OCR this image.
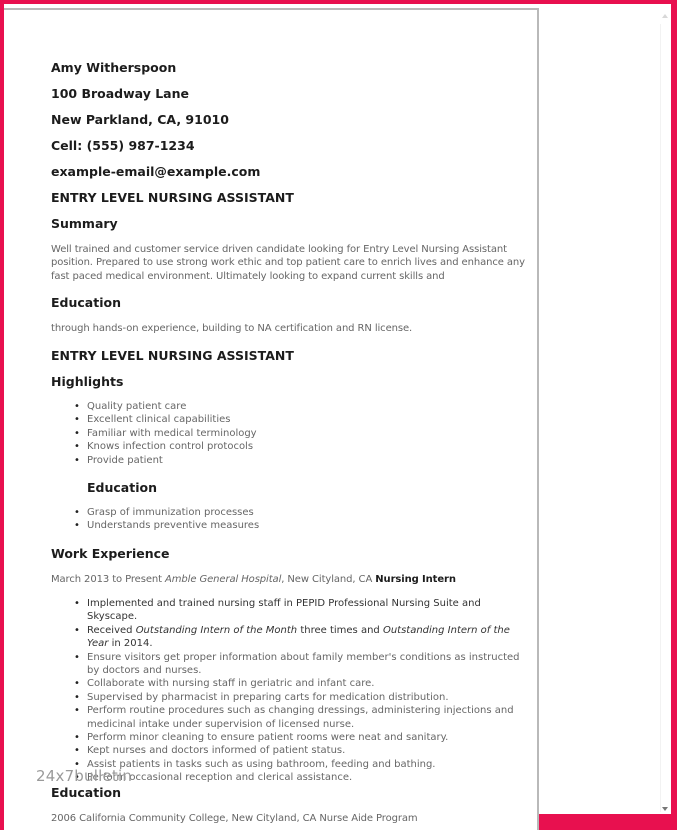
Amy Witherspoon
100 Broadway Lane
New Parkland, CA, 91010
Cell: (555) 987-1234
example-email@example.com
ENTRY LEVEL NURSING ASSISTANT
Summary
Well trained and customer service driven candidate looking for Entry Level Nursing Assistant position. Prepared to use strong work ethic and top patient care to enrich lives and enhance any fast paced medical environment. Ultimately looking to expand current skills and
Education
through hands-on experience, building to NA certification and RN license.
ENTRY LEVEL NURSING ASSISTANT
Highlights
• Quality patient care
• Excellent clinical capabilities
• Familiar with medical terminology
• Knows infection control protocols
• Provide patient
Education
• Grasp of immunization processes
• Understands preventive measures
Work Experience
March 2013 to Present Amble General Hospital, New Cityland, CA Nursing Intern
• Implemented and trained nursing staff in PEPID Professional Nursing Suite and Skyscape.
• Received Outstanding Intern of the Month three times and Outstanding Intern of the Year in 2014.
• Ensure visitors get proper information about family member's conditions as instructed by doctors and nurses.
• Collaborate with nursing staff in geriatric and infant care.
• Supervised by pharmacist in preparing carts for medication distribution.
• Perform routine procedures such as changing dressings, administering injections and medicinal intake under supervision of licensed nurse.
• Perform minor cleaning to ensure patient rooms were neat and sanitary.
• Kept nurses and doctors informed of patient status.
• Assist patients in tasks such as using bathroom, feeding and bathing.
• Perform occasional reception and clerical assistance.
Education
2006 California Community College, New Cityland, CA Nurse Aide Program
24x7bulletin
